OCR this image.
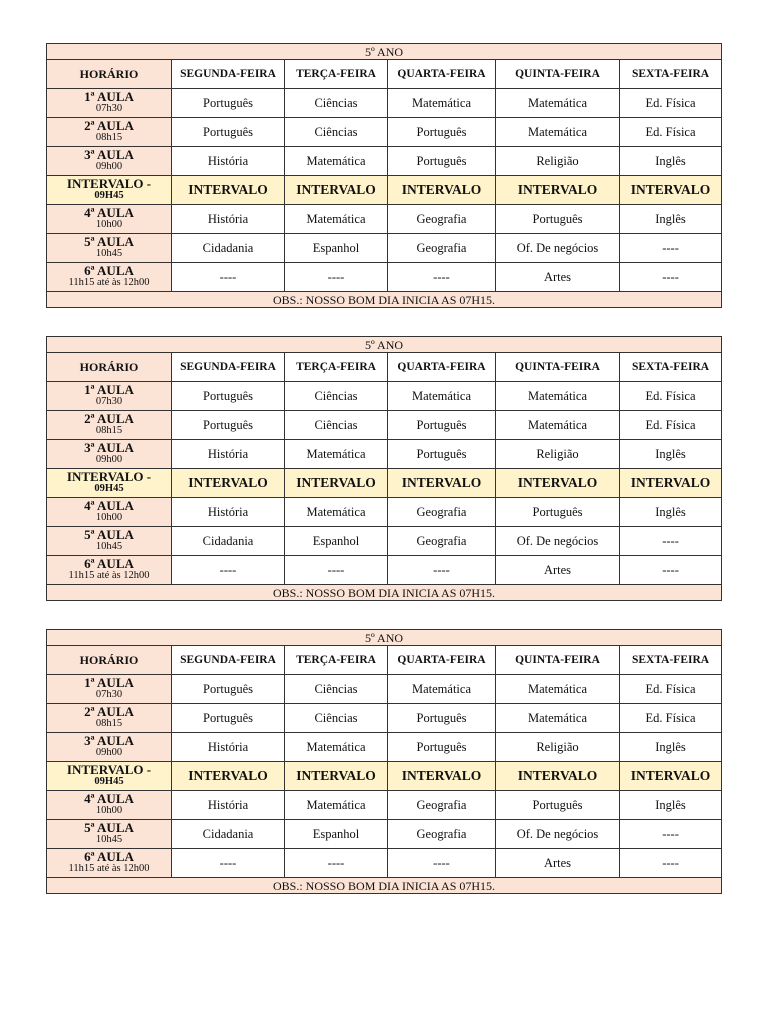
5º ANO					
HORÁRIO	SEGUNDA-FEIRA	TERÇA-FEIRA	QUARTA-FEIRA	QUINTA-FEIRA	SEXTA-FEIRA

1ª AULA
07h30	Português	Ciências	Matemática	Matemática	Ed. Física

2ª AULA
08h15	Português	Ciências	Português	Matemática	Ed. Física

3ª AULA
09h00	História	Matemática	Português	Religião	Inglês

INTERVALO -
09H45	INTERVALO	INTERVALO	INTERVALO	INTERVALO	INTERVALO

4ª AULA
10h00	História	Matemática	Geografia	Português	Inglês

5ª AULA
10h45	Cidadania	Espanhol	Geografia	Of. De negócios	----

6ª AULA
11h15 até às 12h00	----	----	----	Artes	----
OBS.: NOSSO BOM DIA INICIA AS 07H15.					
5º ANO					
HORÁRIO	SEGUNDA-FEIRA	TERÇA-FEIRA	QUARTA-FEIRA	QUINTA-FEIRA	SEXTA-FEIRA

1ª AULA
07h30	Português	Ciências	Matemática	Matemática	Ed. Física

2ª AULA
08h15	Português	Ciências	Português	Matemática	Ed. Física

3ª AULA
09h00	História	Matemática	Português	Religião	Inglês

INTERVALO -
09H45	INTERVALO	INTERVALO	INTERVALO	INTERVALO	INTERVALO

4ª AULA
10h00	História	Matemática	Geografia	Português	Inglês

5ª AULA
10h45	Cidadania	Espanhol	Geografia	Of. De negócios	----

6ª AULA
11h15 até às 12h00	----	----	----	Artes	----
OBS.: NOSSO BOM DIA INICIA AS 07H15.					
5º ANO					
HORÁRIO	SEGUNDA-FEIRA	TERÇA-FEIRA	QUARTA-FEIRA	QUINTA-FEIRA	SEXTA-FEIRA

1ª AULA
07h30	Português	Ciências	Matemática	Matemática	Ed. Física

2ª AULA
08h15	Português	Ciências	Português	Matemática	Ed. Física

3ª AULA
09h00	História	Matemática	Português	Religião	Inglês

INTERVALO -
09H45	INTERVALO	INTERVALO	INTERVALO	INTERVALO	INTERVALO

4ª AULA
10h00	História	Matemática	Geografia	Português	Inglês

5ª AULA
10h45	Cidadania	Espanhol	Geografia	Of. De negócios	----

6ª AULA
11h15 até às 12h00	----	----	----	Artes	----
OBS.: NOSSO BOM DIA INICIA AS 07H15.					
